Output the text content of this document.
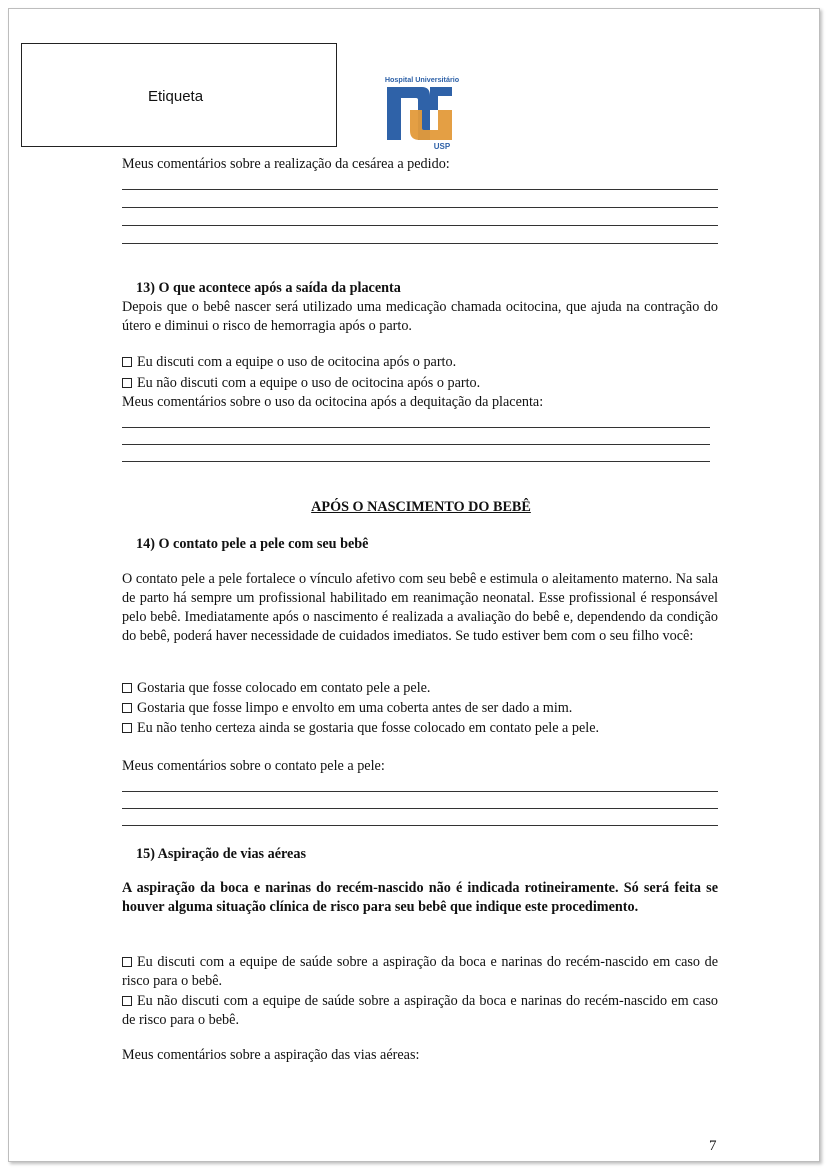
Etiqueta
Hospital Universitário
USP
Meus comentários sobre a realização da cesárea a pedido:
13) O que acontece após a saída da placenta
Depois que o bebê nascer será utilizado uma medicação chamada ocitocina, que ajuda na contração do útero e diminui o risco de hemorragia após o parto.
Eu discuti com a equipe o uso de ocitocina após o parto.
Eu não discuti com a equipe o uso de ocitocina após o parto.
Meus comentários sobre o uso da ocitocina após a dequitação da placenta:
APÓS O NASCIMENTO DO BEBÊ
14) O contato pele a pele com seu bebê
O contato pele a pele fortalece o vínculo afetivo com seu bebê e estimula o aleitamento materno. Na sala de parto há sempre um profissional habilitado em reanimação neonatal. Esse profissional é responsável pelo bebê. Imediatamente após o nascimento é realizada a avaliação do bebê e, dependendo da condição do bebê, poderá haver necessidade de cuidados imediatos. Se tudo estiver bem com o seu filho você:
Gostaria que fosse colocado em contato pele a pele.
Gostaria que fosse limpo e envolto em uma coberta antes de ser dado a mim.
Eu não tenho certeza ainda se gostaria que fosse colocado em contato pele a pele.
Meus comentários sobre o contato pele a pele:
15) Aspiração de vias aéreas
A aspiração da boca e narinas do recém-nascido não é indicada rotineiramente. Só será feita se houver alguma situação clínica de risco para seu bebê que indique este procedimento.
Eu discuti com a equipe de saúde sobre a aspiração da boca e narinas do recém-nascido em caso de risco para o bebê.
Eu não discuti com a equipe de saúde sobre a aspiração da boca e narinas do recém-nascido em caso de risco para o bebê.
Meus comentários sobre a aspiração das vias aéreas:
7
